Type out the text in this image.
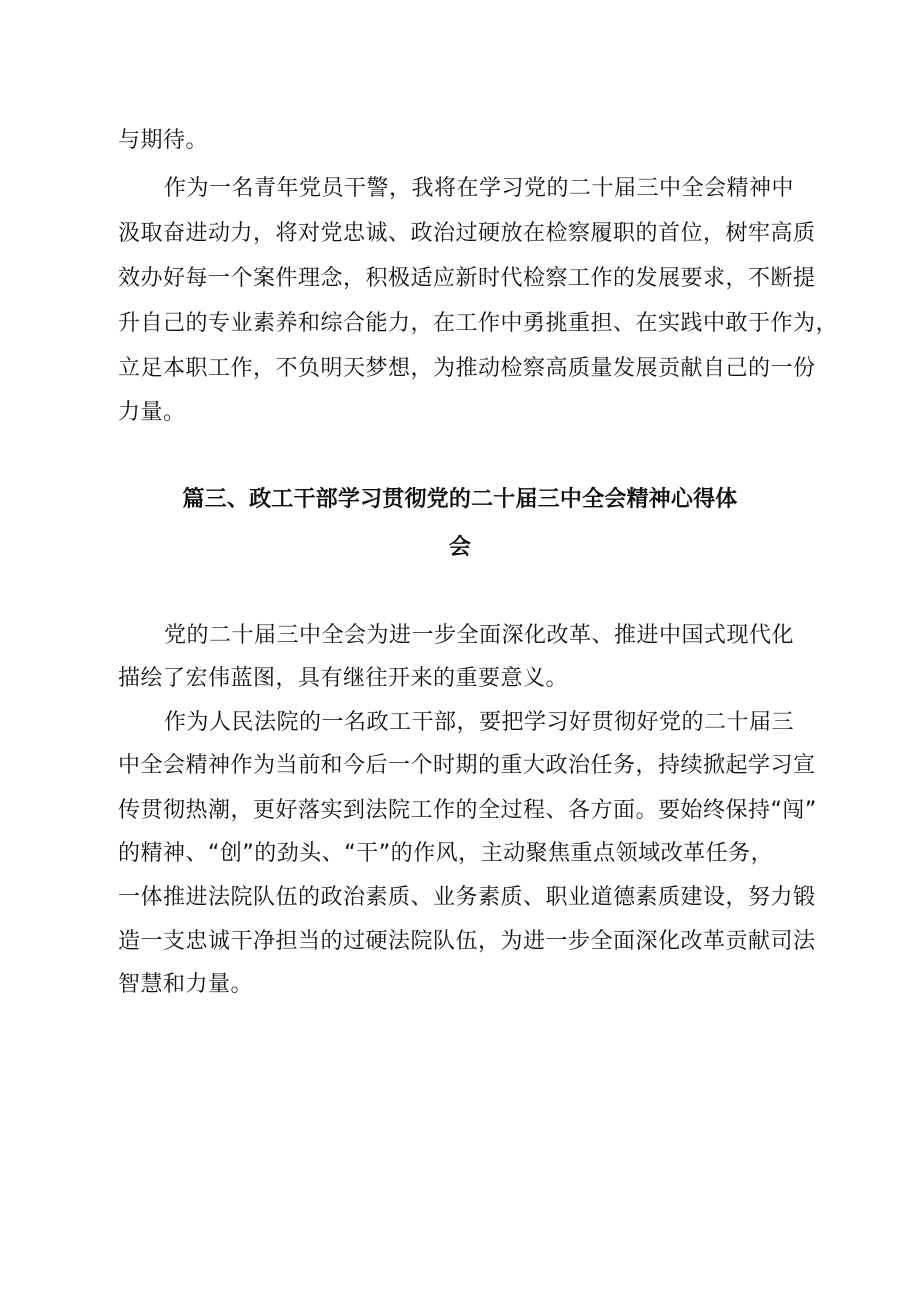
与期待。
作为一名青年党员干警，我将在学习党的二十届三中全会精神中
汲取奋进动力，将对党忠诚、政治过硬放在检察履职的首位，树牢高质
效办好每一个案件理念，积极适应新时代检察工作的发展要求，不断提
升自己的专业素养和综合能力，在工作中勇挑重担、在实践中敢于作为，
立足本职工作，不负明天梦想，为推动检察高质量发展贡献自己的一份
力量。
篇三、政工干部学习贯彻党的二十届三中全会精神心得体
会
党的二十届三中全会为进一步全面深化改革、推进中国式现代化
描绘了宏伟蓝图，具有继往开来的重要意义。
作为人民法院的一名政工干部，要把学习好贯彻好党的二十届三
中全会精神作为当前和今后一个时期的重大政治任务，持续掀起学习宣
传贯彻热潮，更好落实到法院工作的全过程、各方面。要始终保持“闯”
的精神、“创”的劲头、“干”的作风，主动聚焦重点领域改革任务，
一体推进法院队伍的政治素质、业务素质、职业道德素质建设，努力锻
造一支忠诚干净担当的过硬法院队伍，为进一步全面深化改革贡献司法
智慧和力量。
